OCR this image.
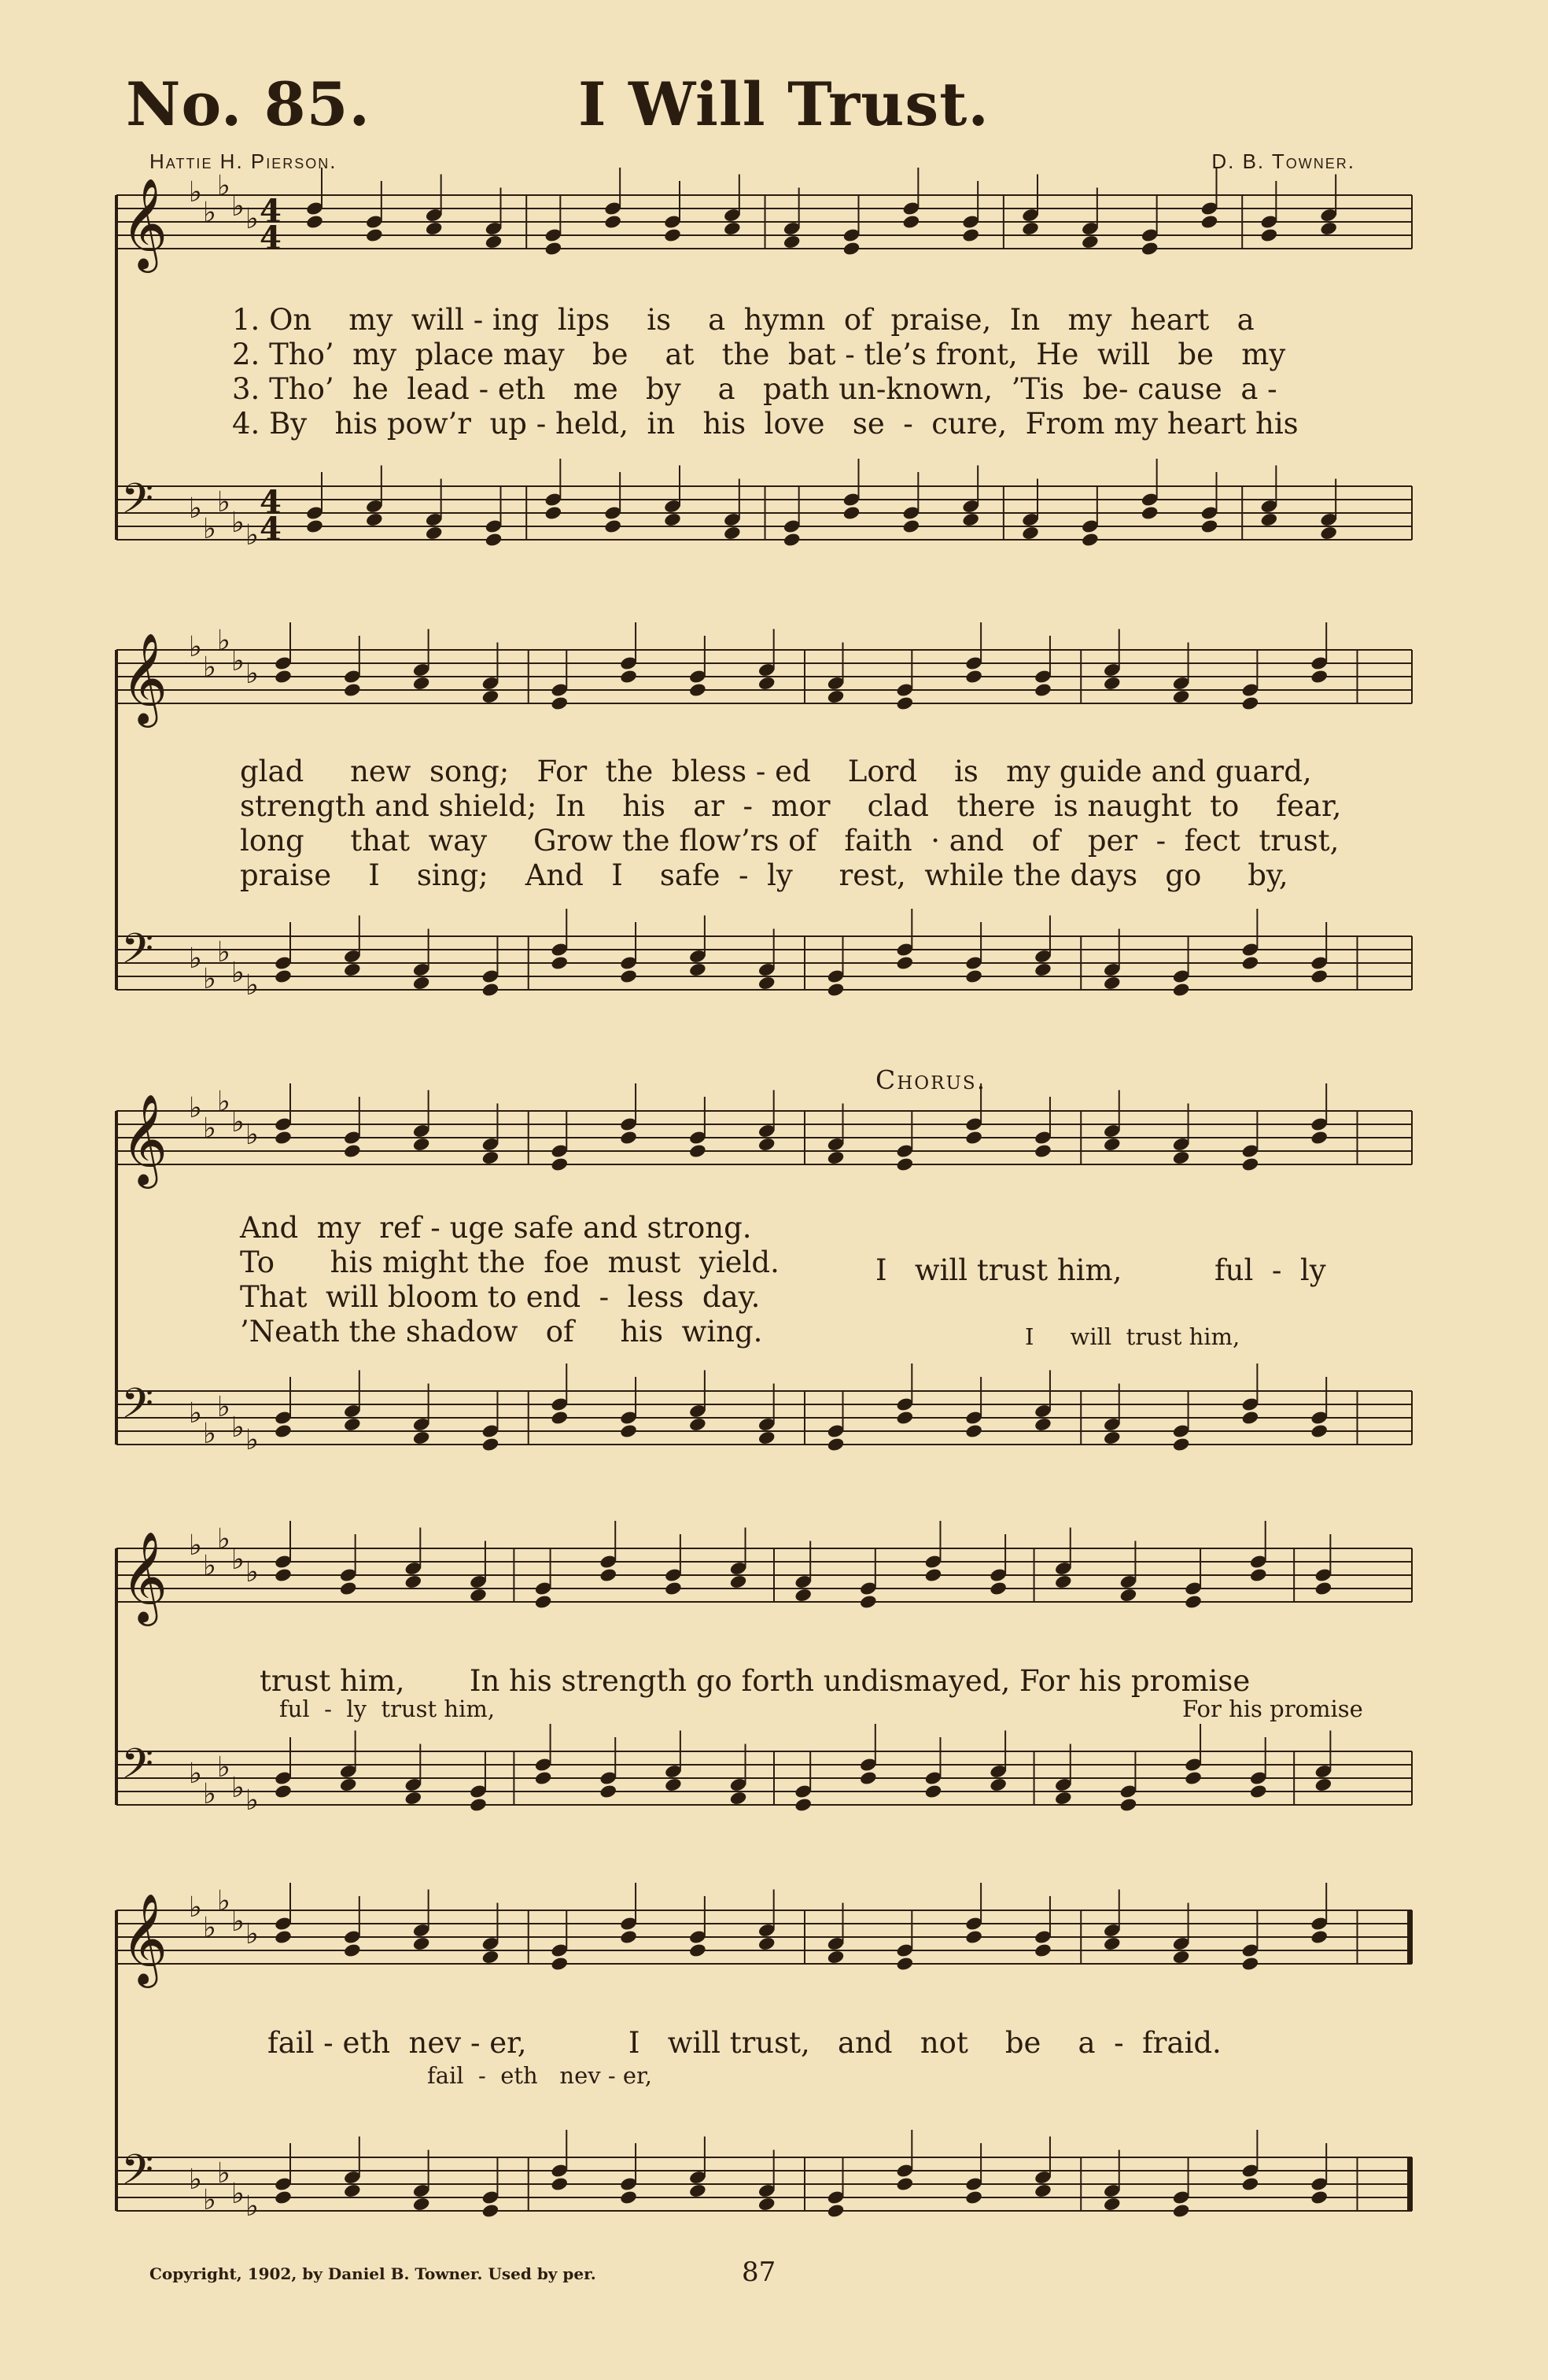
No. 85.	I Will Trust.
Hattie H. Pierson.	D. B. Towner.
𝄞 ♭
♭
♭
♭ ♭
𝄢 ♭
♭
♭
♭ ♭
4
4
4
4
𝄞 ♭
♭
♭
♭ ♭
𝄢 ♭
♭
♭
♭ ♭
𝄞 ♭
♭
♭
♭ ♭
𝄢 ♭
♭
♭
♭ ♭
𝄞 ♭
♭
♭
♭ ♭
𝄢 ♭
♭
♭
♭ ♭
𝄞 ♭
♭
♭
♭ ♭
𝄢 ♭
♭
♭
♭ ♭
1. On    my  will - ing  lips    is    a  hymn  of  praise,  In   my  heart   a
2. Tho’  my  place may   be    at   the  bat - tle’s front,  He  will   be   my
3. Tho’  he  lead - eth   me   by    a   path un-known,  ’Tis  be- cause  a -
4. By   his pow’r  up - held,  in   his  love   se  -  cure,  From my heart his
glad     new  song;   For  the  bless - ed    Lord    is   my guide and guard,
strength and shield;  In    his   ar  -  mor    clad   there  is naught  to    fear,
long     that  way     Grow the flow’rs of   faith  · and   of   per  -  fect  trust,
praise    I    sing;    And   I    safe  -  ly     rest,  while the days   go     by,
Chorus.
And  my  ref - uge safe and strong.
To      his might the  foe  must  yield.
That  will bloom to end  -  less  day.
’Neath the shadow   of     his  wing.
I   will trust him,          ful  -  ly
I     will  trust him,
trust him,       In his strength go forth undismayed, For his promise
ful  -  ly  trust him,	For his promise
fail - eth  nev - er,           I   will trust,   and   not    be    a  -  fraid.
fail  -  eth   nev - er,
Copyright, 1902, by Daniel B. Towner. Used by per.	87
